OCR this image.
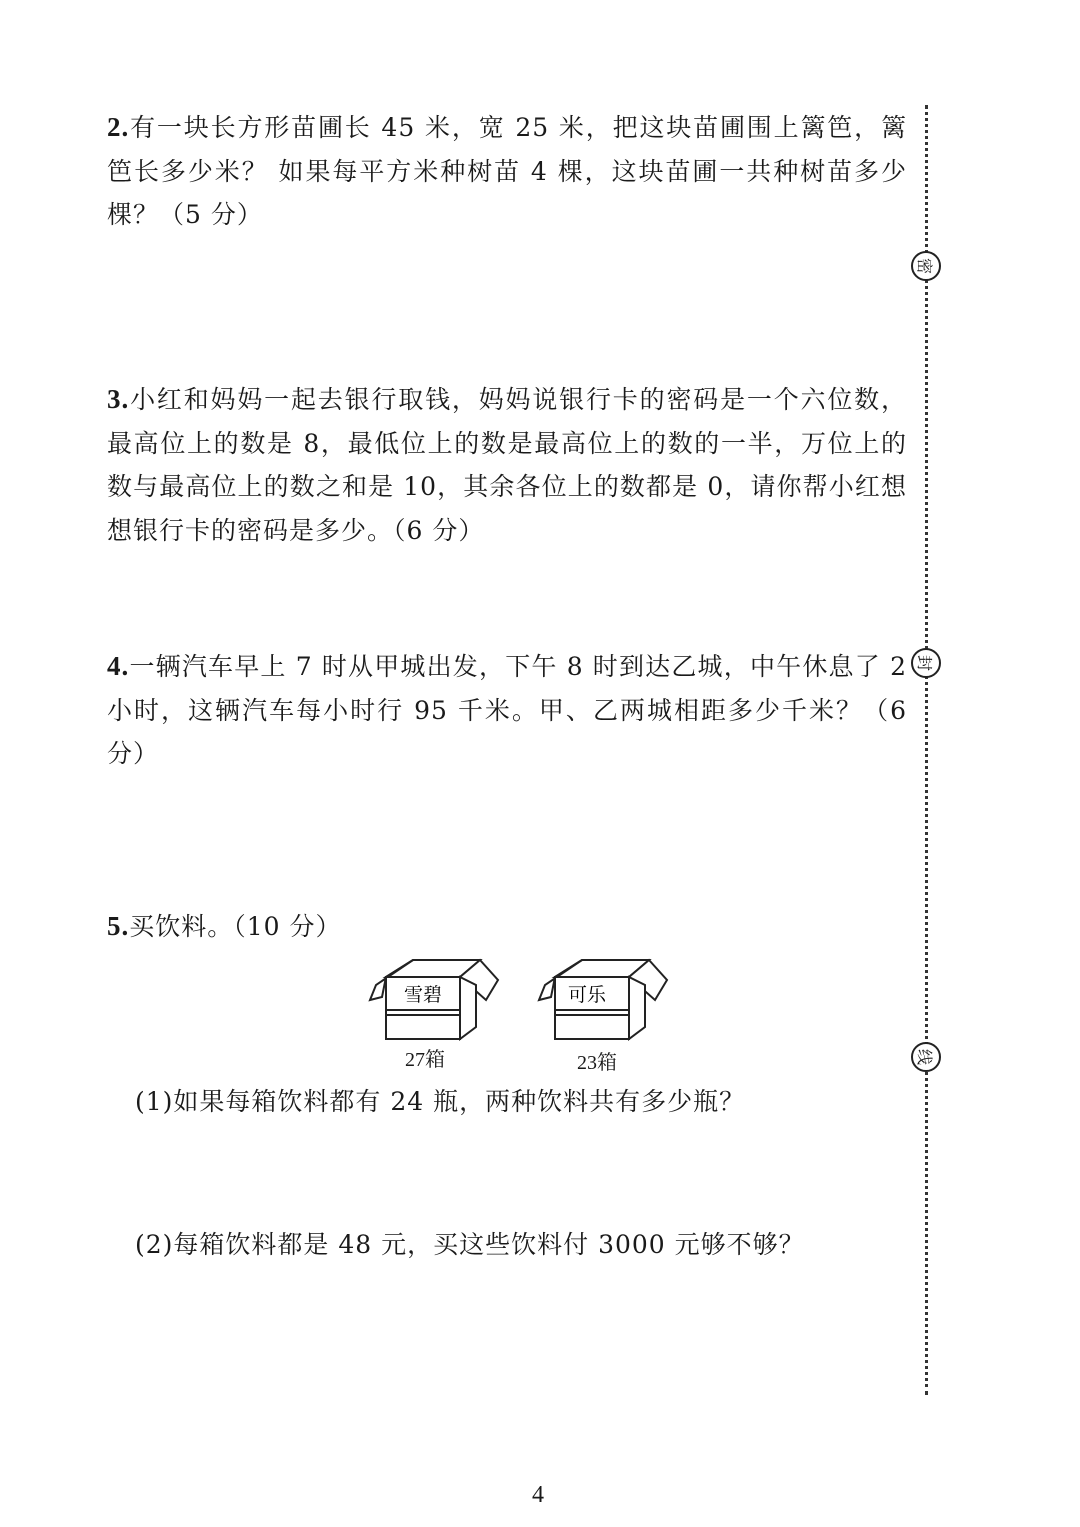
2.有一块长方形苗圃长 45 米，宽 25 米，把这块苗圃围上篱笆，篱笆长多少米？ 如果每平方米种树苗 4 棵，这块苗圃一共种树苗多少棵？（5 分）
3.小红和妈妈一起去银行取钱，妈妈说银行卡的密码是一个六位数，最高位上的数是 8，最低位上的数是最高位上的数的一半，万位上的数与最高位上的数之和是 10，其余各位上的数都是 0，请你帮小红想想银行卡的密码是多少。（6 分）
4.一辆汽车早上 7 时从甲城出发，下午 8 时到达乙城，中午休息了 2 小时，这辆汽车每小时行 95 千米。甲、乙两城相距多少千米？（6 分）
5.买饮料。（10 分）
雪碧
27箱
可乐
23箱
(1)如果每箱饮料都有 24 瓶，两种饮料共有多少瓶？
(2)每箱饮料都是 48 元，买这些饮料付 3000 元够不够？
密
封
线
4
